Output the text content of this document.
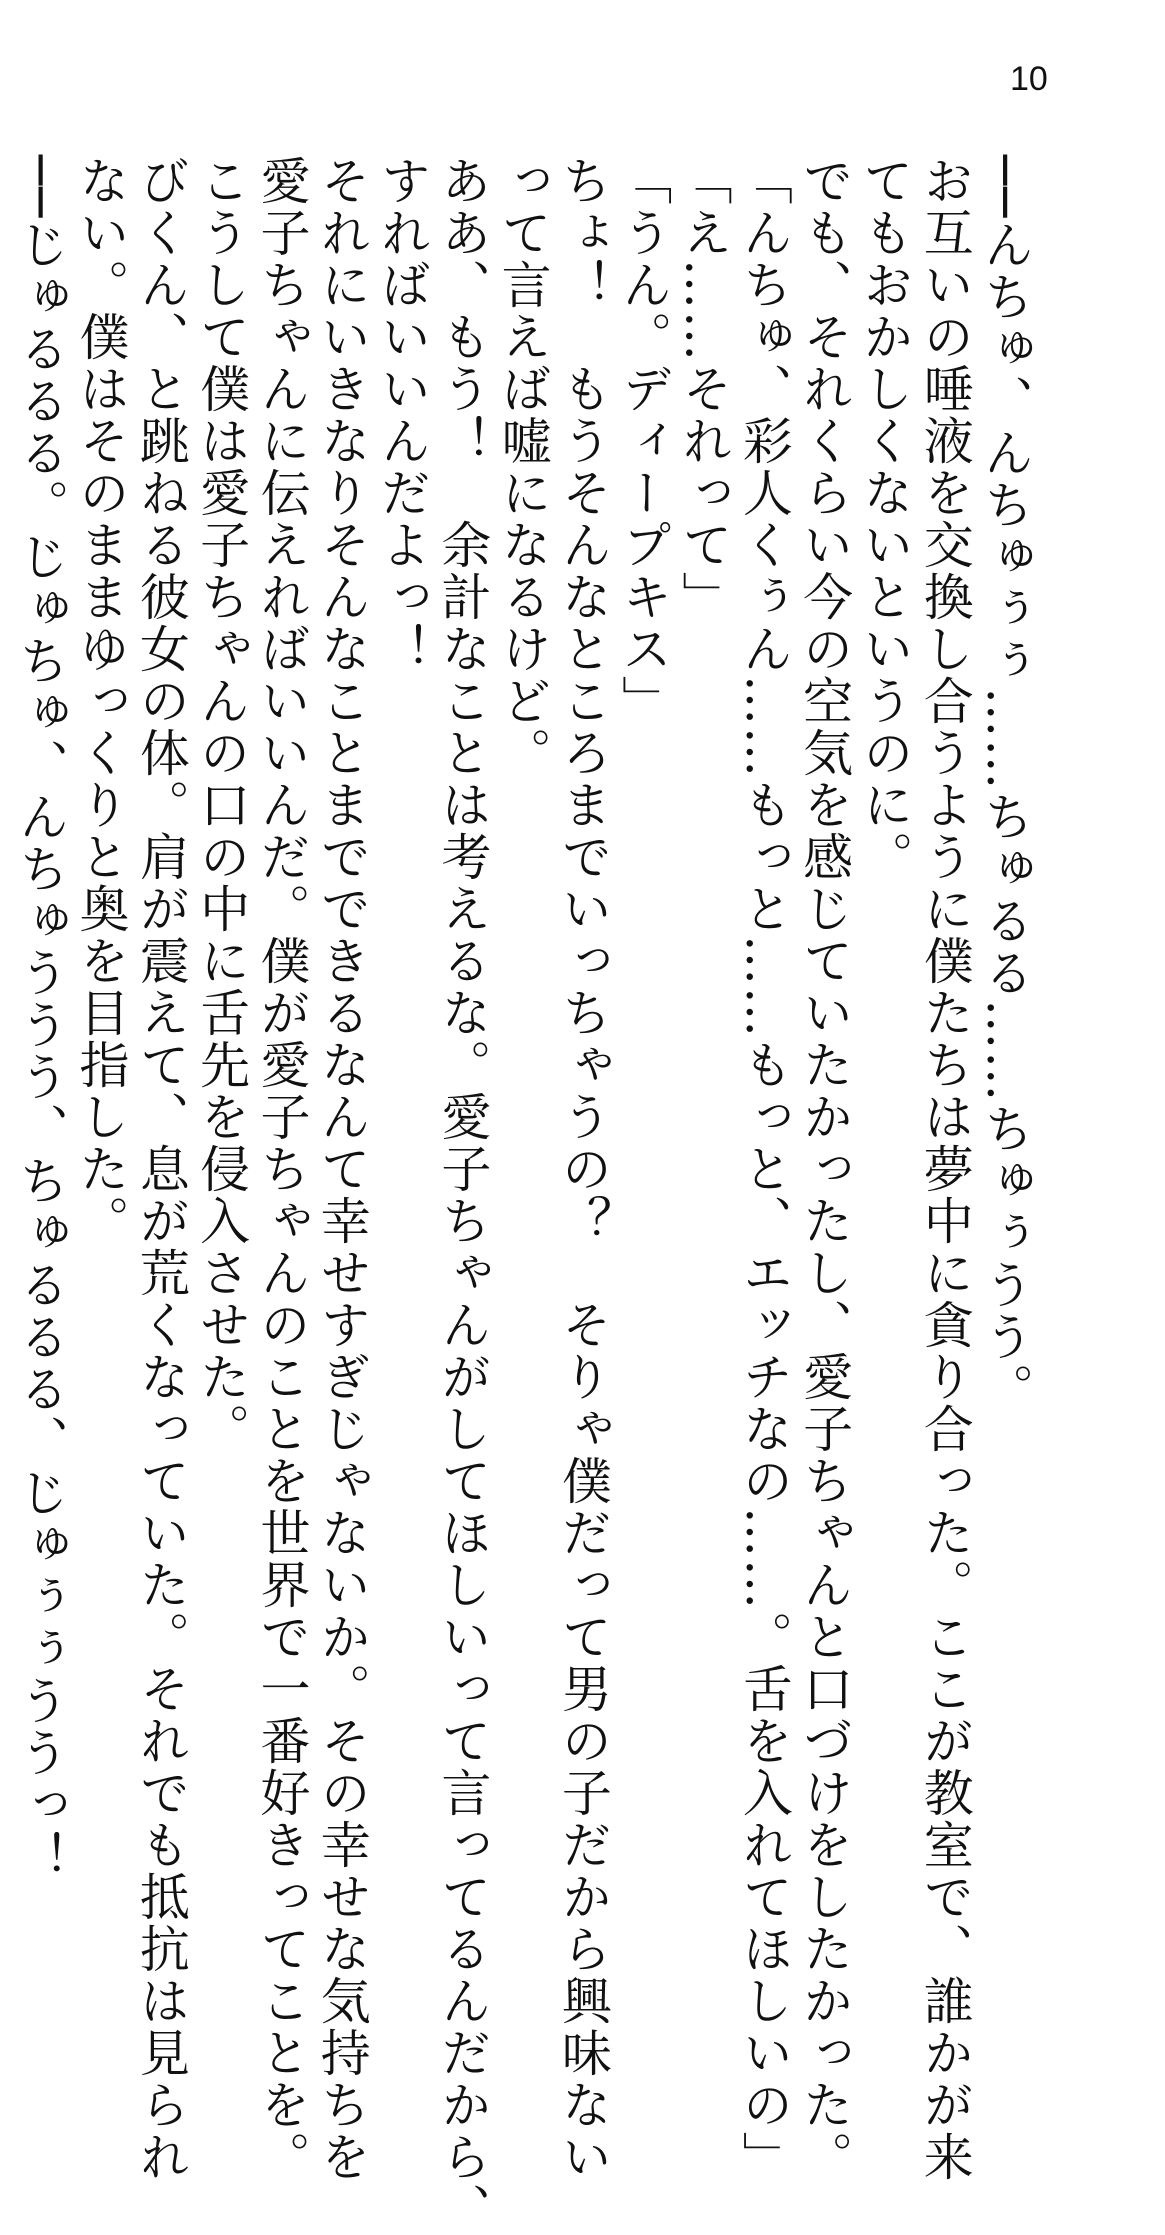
10
──んちゅ、んちゅぅぅ……ちゅるる……ちゅぅうう。
お互いの唾液を交換し合うように僕たちは夢中に貪り合った。ここが教室で、誰かが来
てもおかしくないというのに。
でも、それくらい今の空気を感じていたかったし、愛子ちゃんと口づけをしたかった。
「んちゅ、彩人くぅん……もっと……もっと、エッチなの……。舌を入れてほしいの」
「え……それって」
「うん。ディープキス」
ちょ！　もうそんなところまでいっちゃうの？　そりゃ僕だって男の子だから興味ない
って言えば嘘になるけど。
ああ、もう！　余計なことは考えるな。愛子ちゃんがしてほしいって言ってるんだから、
すればいいんだよっ！
それにいきなりそんなことまでできるなんて幸せすぎじゃないか。その幸せな気持ちを
愛子ちゃんに伝えればいいんだ。僕が愛子ちゃんのことを世界で一番好きってことを。
こうして僕は愛子ちゃんの口の中に舌先を侵入させた。
びくん、と跳ねる彼女の体。肩が震えて、息が荒くなっていた。それでも抵抗は見られ
ない。僕はそのままゆっくりと奥を目指した。
──じゅるるる。じゅちゅ、んちゅううう、ちゅるるる、じゅぅぅううっ！
